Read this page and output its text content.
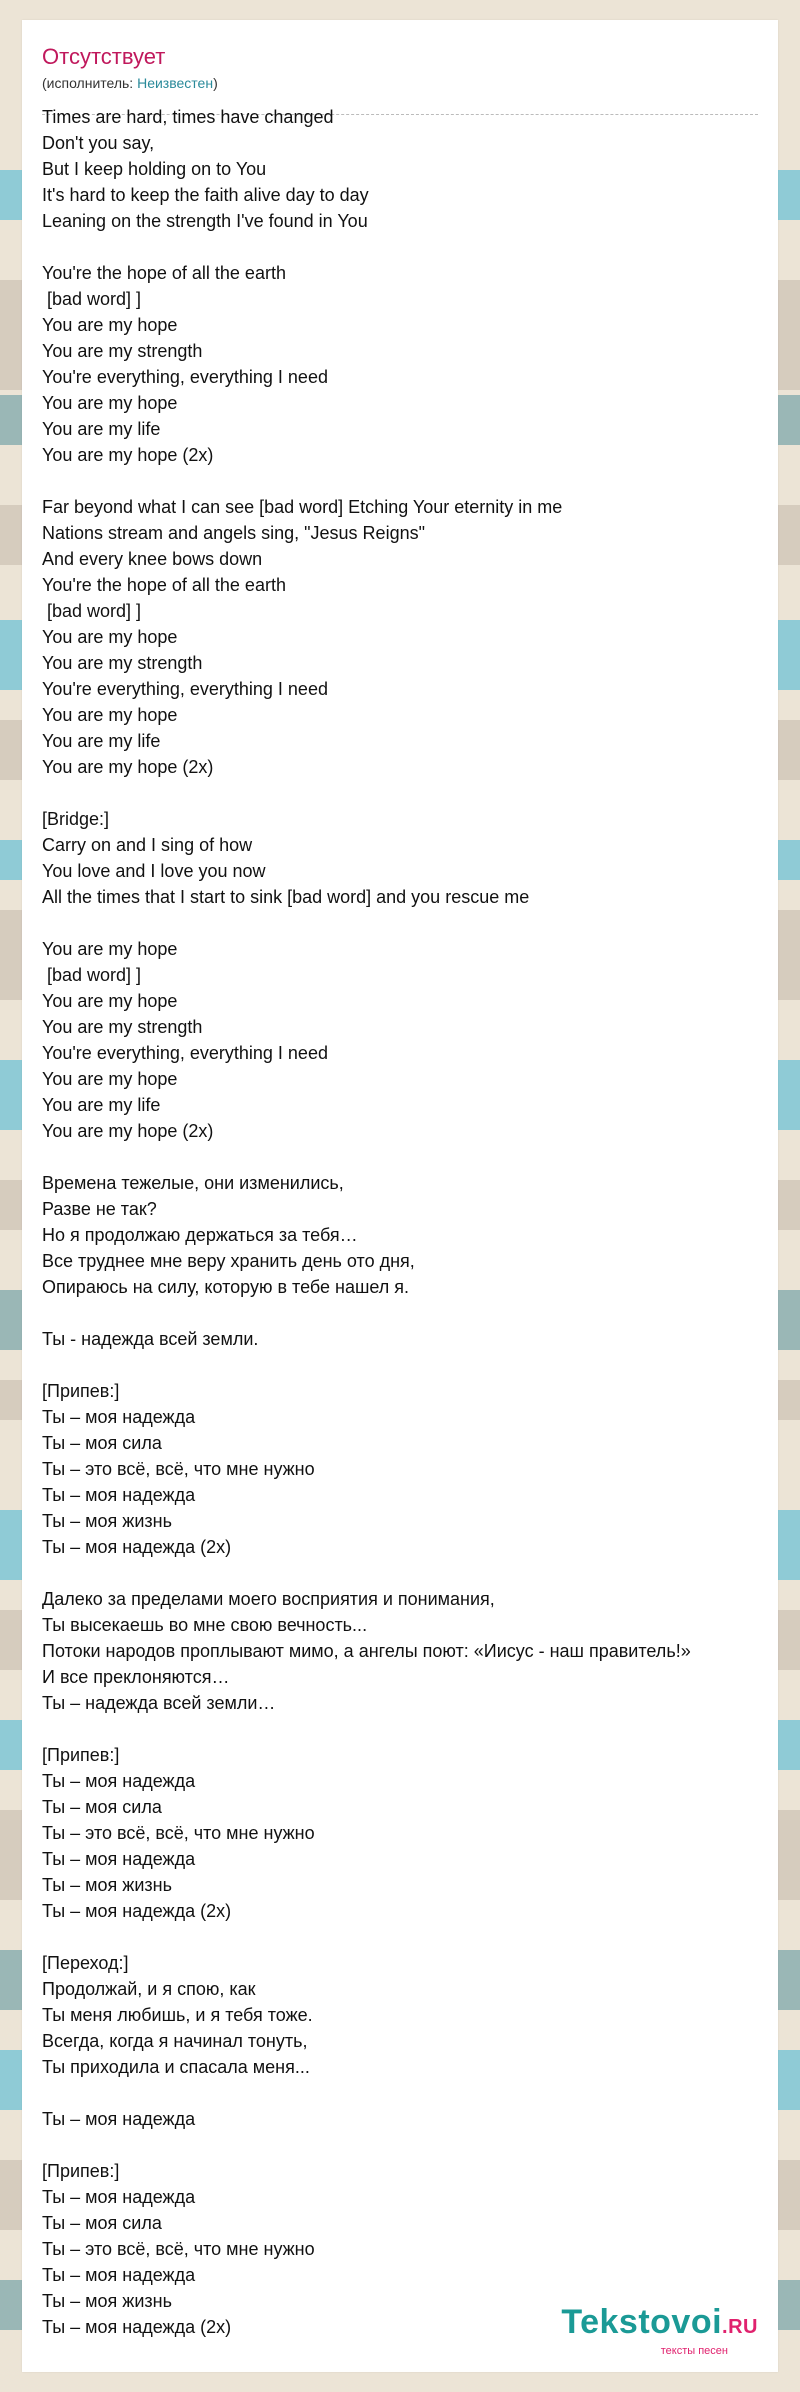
Отсутствует
(исполнитель: Неизвестен)
Times are hard, times have changed
Don't you say,
But I keep holding on to You
It's hard to keep the faith alive day to day
Leaning on the strength I've found in You
You're the hope of all the earth
[bad word] ]
You are my hope
You are my strength
You're everything, everything I need
You are my hope
You are my life
You are my hope (2x)
Far beyond what I can see [bad word] Etching Your eternity in me
Nations stream and angels sing, "Jesus Reigns"
And every knee bows down
You're the hope of all the earth
[bad word] ]
You are my hope
You are my strength
You're everything, everything I need
You are my hope
You are my life
You are my hope (2x)
[Bridge:]
Carry on and I sing of how
You love and I love you now
All the times that I start to sink [bad word] and you rescue me
You are my hope
[bad word] ]
You are my hope
You are my strength
You're everything, everything I need
You are my hope
You are my life
You are my hope (2x)
Времена тежелые, они изменились,
Разве не так?
Но я продолжаю держаться за тебя…
Все труднее мне веру хранить день ото дня,
Опираюсь на силу, которую в тебе нашел я.
Ты - надежда всей земли.
[Припев:]
Ты – моя надежда
Ты – моя сила
Ты – это всё, всё, что мне нужно
Ты – моя надежда
Ты – моя жизнь
Ты – моя надежда (2x)
Далеко за пределами моего восприятия и понимания,
Ты высекаешь во мне свою вечность...
Потоки народов проплывают мимо, а ангелы поют: «Иисус - наш правитель!»
И все преклоняются…
Ты – надежда всей земли…
[Припев:]
Ты – моя надежда
Ты – моя сила
Ты – это всё, всё, что мне нужно
Ты – моя надежда
Ты – моя жизнь
Ты – моя надежда (2x)
[Переход:]
Продолжай, и я спою, как
Ты меня любишь, и я тебя тоже.
Всегда, когда я начинал тонуть,
Ты приходила и спасала меня...
Ты – моя надежда
[Припев:]
Ты – моя надежда
Ты – моя сила
Ты – это всё, всё, что мне нужно
Ты – моя надежда
Ты – моя жизнь
Ты – моя надежда (2x)	Tekstovoi.RU
тексты песен
